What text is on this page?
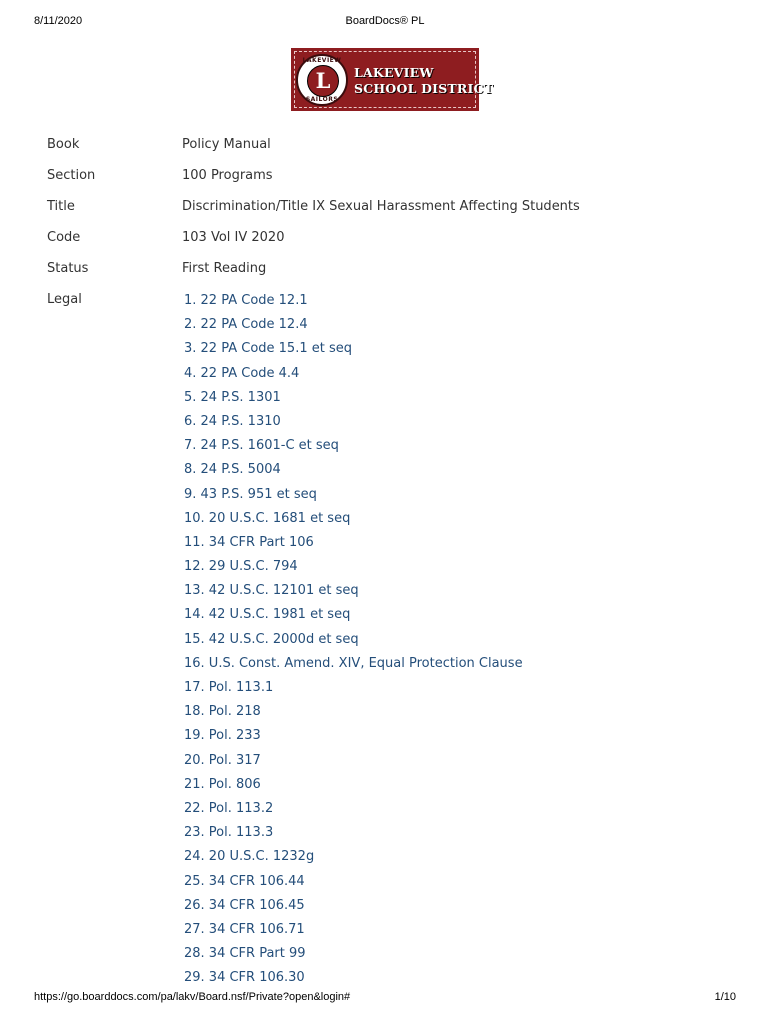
8/11/2020	BoardDocs® PL
LAKEVIEW
L
SAILORS
LAKEVIEW
SCHOOL DISTRICT
Book	Policy Manual
Section	100 Programs
Title	Discrimination/Title IX Sexual Harassment Affecting Students
Code	103 Vol IV 2020
Status	First Reading
Legal	1. 22 PA Code 12.1
2. 22 PA Code 12.4
3. 22 PA Code 15.1 et seq
4. 22 PA Code 4.4
5. 24 P.S. 1301
6. 24 P.S. 1310
7. 24 P.S. 1601-C et seq
8. 24 P.S. 5004
9. 43 P.S. 951 et seq
10. 20 U.S.C. 1681 et seq
11. 34 CFR Part 106
12. 29 U.S.C. 794
13. 42 U.S.C. 12101 et seq
14. 42 U.S.C. 1981 et seq
15. 42 U.S.C. 2000d et seq
16. U.S. Const. Amend. XIV, Equal Protection Clause
17. Pol. 113.1
18. Pol. 218
19. Pol. 233
20. Pol. 317
21. Pol. 806
22. Pol. 113.2
23. Pol. 113.3
24. 20 U.S.C. 1232g
25. 34 CFR 106.44
26. 34 CFR 106.45
27. 34 CFR 106.71
28. 34 CFR Part 99
29. 34 CFR 106.30
https://go.boarddocs.com/pa/lakv/Board.nsf/Private?open&login#	1/10
